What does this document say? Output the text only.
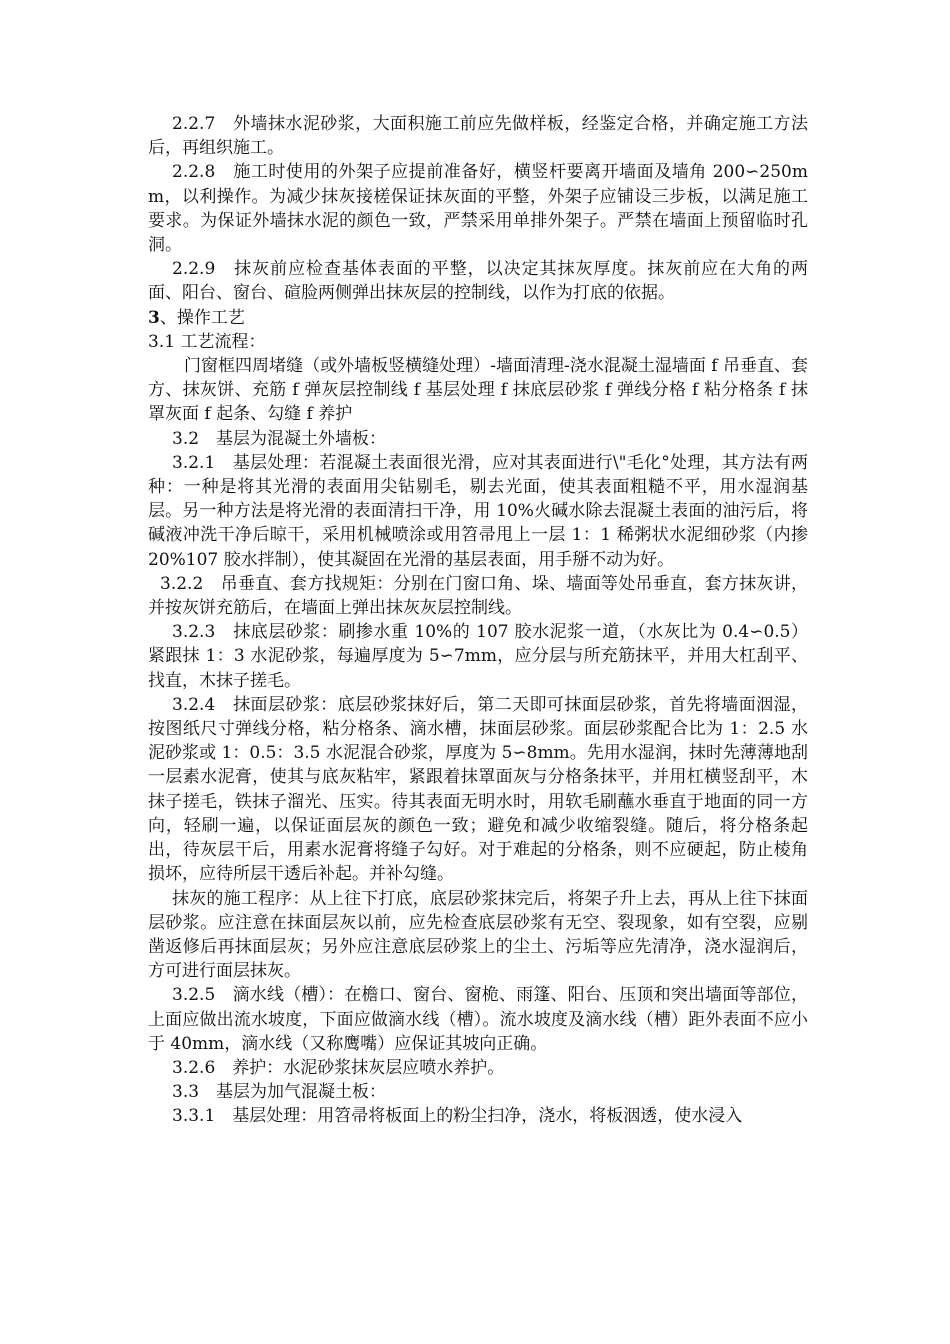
2.2.7　外墙抹水泥砂浆，大面积施工前应先做样板，经鉴定合格，并确定施工方法后，再组织施工。

2.2.8　施工时使用的外架子应提前准备好，横竖杆要离开墙面及墙角 200∽250mm，以利操作。为减少抹灰接槎保证抹灰面的平整，外架子应铺设三步板，以满足施工要求。为保证外墙抹水泥的颜色一致，严禁采用单排外架子。严禁在墙面上预留临时孔洞。

2.2.9　抹灰前应检查基体表面的平整，以决定其抹灰厚度。抹灰前应在大角的两面、阳台、窗台、碹脸两侧弹出抹灰层的控制线，以作为打底的依据。

3、操作工艺

3.1 工艺流程：

门窗框四周堵缝（或外墙板竖横缝处理）-墙面清理-浇水混凝土湿墙面 f 吊垂直、套方、抹灰饼、充筋 f 弹灰层控制线 f 基层处理 f 抹底层砂浆 f 弹线分格 f 粘分格条 f 抹罩灰面 f 起条、勾缝 f 养护

3.2　基层为混凝土外墙板：

3.2.1　基层处理：若混凝土表面很光滑，应对其表面进行\"毛化°处理，其方法有两种：一种是将其光滑的表面用尖钻剔毛，剔去光面，使其表面粗糙不平，用水湿润基层。另一种方法是将光滑的表面清扫干净，用 10%火碱水除去混凝土表面的油污后，将碱液冲洗干净后晾干，采用机械喷涂或用笤帚甩上一层 1：1 稀粥状水泥细砂浆（内掺 20%107 胶水拌制），使其凝固在光滑的基层表面，用手掰不动为好。

3.2.2　吊垂直、套方找规矩：分别在门窗口角、垛、墙面等处吊垂直，套方抹灰讲，并按灰饼充筋后，在墙面上弹出抹灰灰层控制线。

3.2.3　抹底层砂浆：刷掺水重 10%的 107 胶水泥浆一道，（水灰比为 0.4∽0.5）紧跟抹 1：3 水泥砂浆，每遍厚度为 5∽7mm，应分层与所充筋抹平，并用大杠刮平、找直，木抹子搓毛。

3.2.4　抹面层砂浆：底层砂浆抹好后，第二天即可抹面层砂浆，首先将墙面洇湿，按图纸尺寸弹线分格，粘分格条、滴水槽，抹面层砂浆。面层砂浆配合比为 1：2.5 水泥砂浆或 1：0.5：3.5 水泥混合砂浆，厚度为 5∽8mm。先用水湿润，抹时先薄薄地刮一层素水泥膏，使其与底灰粘牢，紧跟着抹罩面灰与分格条抹平，并用杠横竖刮平，木抹子搓毛，铁抹子溜光、压实。待其表面无明水时，用软毛刷蘸水垂直于地面的同一方向，轻刷一遍，以保证面层灰的颜色一致；避免和减少收缩裂缝。随后，将分格条起出，待灰层干后，用素水泥膏将缝子勾好。对于难起的分格条，则不应硬起，防止棱角损坏，应待所层干透后补起。并补勾缝。

抹灰的施工程序：从上往下打底，底层砂浆抹完后，将架子升上去，再从上往下抹面层砂浆。应注意在抹面层灰以前，应先检查底层砂浆有无空、裂现象，如有空裂，应剔凿返修后再抹面层灰；另外应注意底层砂浆上的尘土、污垢等应先清净，浇水湿润后，方可进行面层抹灰。

3.2.5　滴水线（槽）：在檐口、窗台、窗桅、雨篷、阳台、压顶和突出墙面等部位，上面应做出流水坡度，下面应做滴水线（槽）。流水坡度及滴水线（槽）距外表面不应小于 40mm，滴水线（又称鹰嘴）应保证其坡向正确。

3.2.6　养护：水泥砂浆抹灰层应喷水养护。

3.3　基层为加气混凝土板：

3.3.1　基层处理：用笤帚将板面上的粉尘扫净，浇水，将板洇透，使水浸入
